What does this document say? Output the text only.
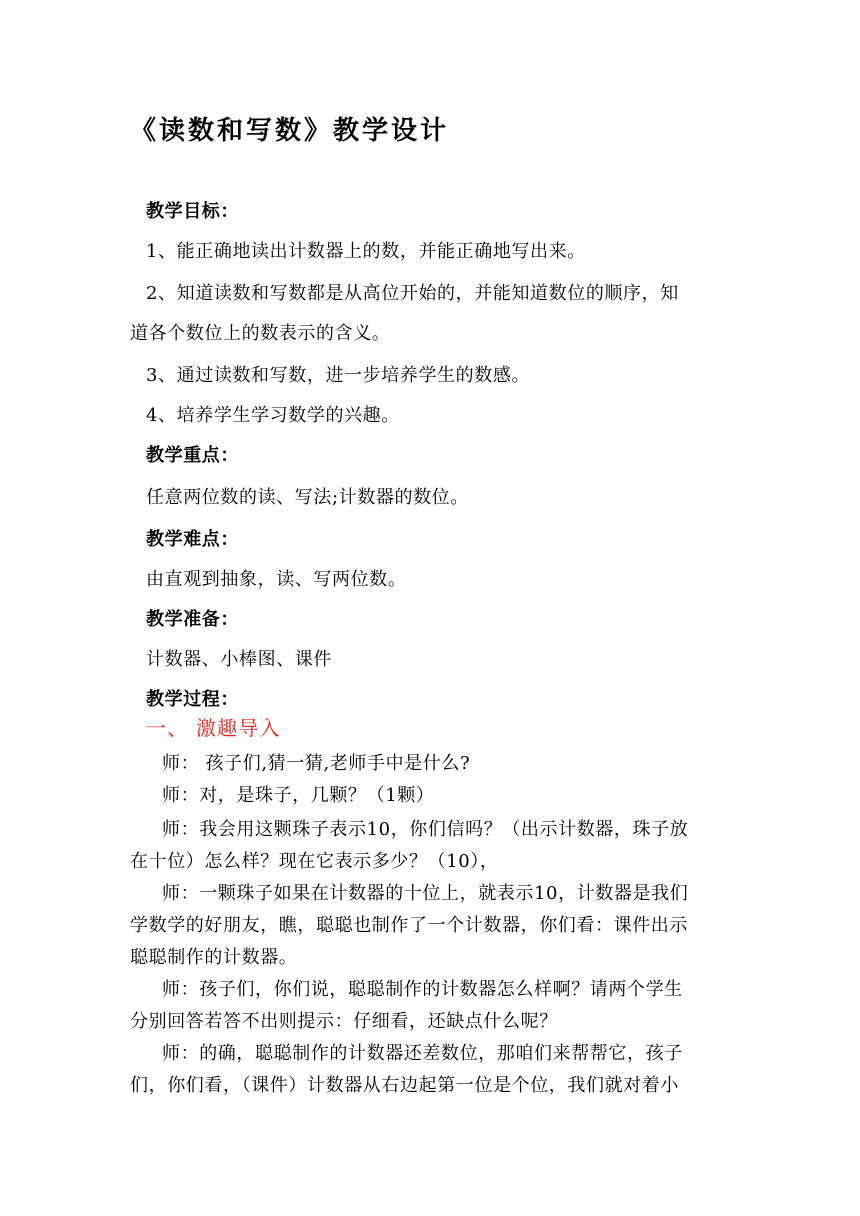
《读数和写数》教学设计
教学目标：
1、能正确地读出计数器上的数，并能正确地写出来。
2、知道读数和写数都是从高位开始的，并能知道数位的顺序，知
道各个数位上的数表示的含义。
3、通过读数和写数，进一步培养学生的数感。
4、培养学生学习数学的兴趣。
教学重点：
任意两位数的读、写法;计数器的数位。
教学难点：
由直观到抽象，读、写两位数。
教学准备：
计数器、小棒图、课件
教学过程：
一、 激趣导入
师： 孩子们,猜一猜,老师手中是什么?
师：对，是珠子，几颗？（1颗）
师：我会用这颗珠子表示10，你们信吗？（出示计数器，珠子放
在十位）怎么样？现在它表示多少？（10），
师：一颗珠子如果在计数器的十位上，就表示10，计数器是我们
学数学的好朋友，瞧，聪聪也制作了一个计数器，你们看：课件出示
聪聪制作的计数器。
师：孩子们，你们说，聪聪制作的计数器怎么样啊？请两个学生
分别回答若答不出则提示：仔细看，还缺点什么呢？
师：的确，聪聪制作的计数器还差数位，那咱们来帮帮它，孩子
们，你们看，（课件）计数器从右边起第一位是个位，我们就对着小
